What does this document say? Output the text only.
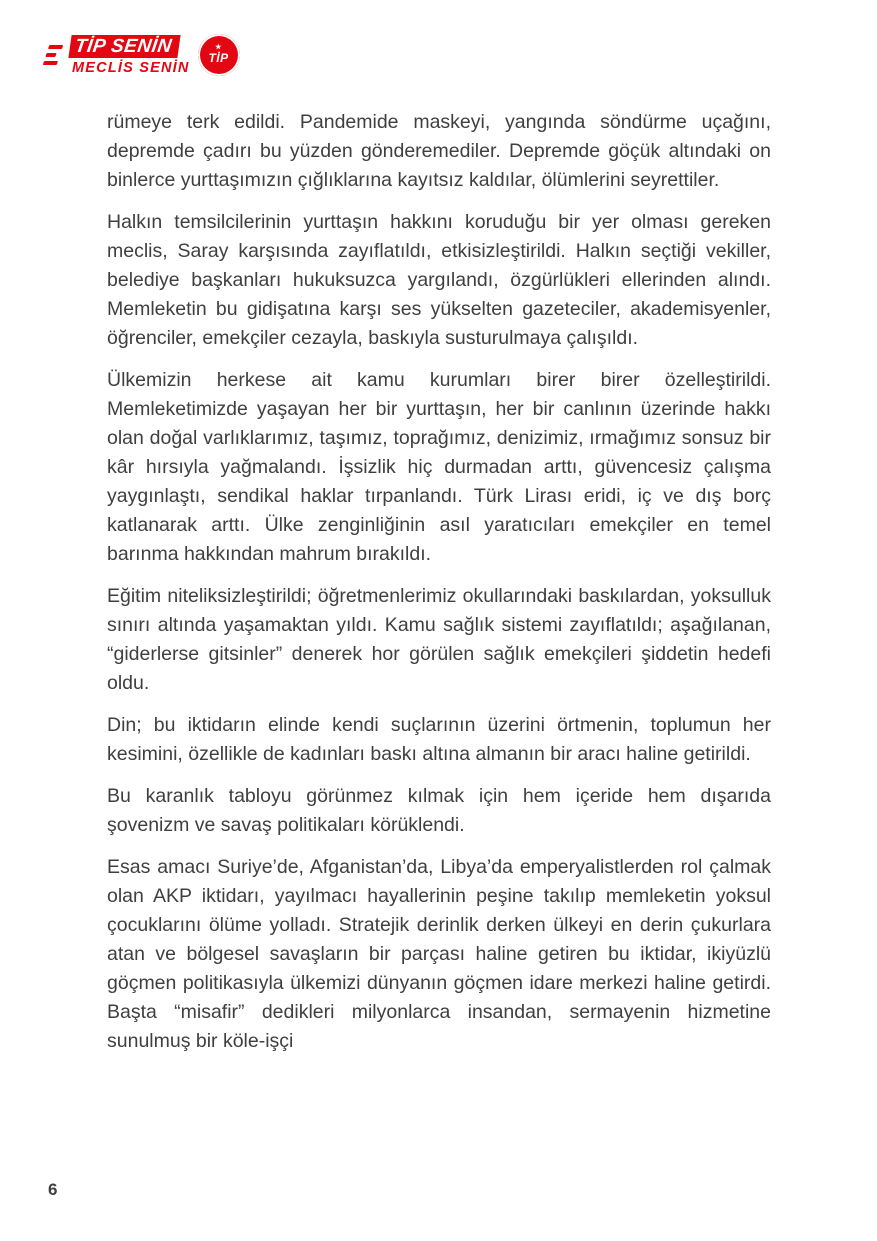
TİP SENİN
MECLİS SENİN
★
TİP

rümeye terk edildi. Pandemide maskeyi, yangında söndürme uçağını, depremde çadırı bu yüzden gönderemediler. Depremde göçük altındaki on binlerce yurttaşımızın çığlıklarına kayıtsız kaldılar, ölümlerini seyrettiler.

Halkın temsilcilerinin yurttaşın hakkını koruduğu bir yer olması gereken meclis, Saray karşısında zayıflatıldı, etkisizleştirildi. Halkın seçtiği vekiller, belediye başkanları hukuksuzca yargılandı, özgürlükleri ellerinden alındı. Memleketin bu gidişatına karşı ses yükselten gazeteciler, akademisyenler, öğrenciler, emekçiler cezayla, baskıyla susturulmaya çalışıldı.

Ülkemizin herkese ait kamu kurumları birer birer özelleştirildi. Memleketimizde yaşayan her bir yurttaşın, her bir canlının üzerinde hakkı olan doğal varlıklarımız, taşımız, toprağımız, denizimiz, ırmağımız sonsuz bir kâr hırsıyla yağmalandı. İşsizlik hiç durmadan arttı, güvencesiz çalışma yaygınlaştı, sendikal haklar tırpanlandı. Türk Lirası eridi, iç ve dış borç katlanarak arttı. Ülke zenginliğinin asıl yaratıcıları emekçiler en temel barınma hakkından mahrum bırakıldı.

Eğitim niteliksizleştirildi; öğretmenlerimiz okullarındaki baskılardan, yoksulluk sınırı altında yaşamaktan yıldı. Kamu sağlık sistemi zayıflatıldı; aşağılanan, “giderlerse gitsinler” denerek hor görülen sağlık emekçileri şiddetin hedefi oldu.

Din; bu iktidarın elinde kendi suçlarının üzerini örtmenin, toplumun her kesimini, özellikle de kadınları baskı altına almanın bir aracı haline getirildi.

Bu karanlık tabloyu görünmez kılmak için hem içeride hem dışarıda şovenizm ve savaş politikaları körüklendi.

Esas amacı Suriye’de, Afganistan’da, Libya’da emperyalistlerden rol çalmak olan AKP iktidarı, yayılmacı hayallerinin peşine takılıp memleketin yoksul çocuklarını ölüme yolladı. Stratejik derinlik derken ülkeyi en derin çukurlara atan ve bölgesel savaşların bir parçası haline getiren bu iktidar, ikiyüzlü göçmen politikasıyla ülkemizi dünyanın göçmen idare merkezi haline getirdi. Başta “misafir” dedikleri milyonlarca insandan, sermayenin hizmetine sunulmuş bir köle-işçi

6
